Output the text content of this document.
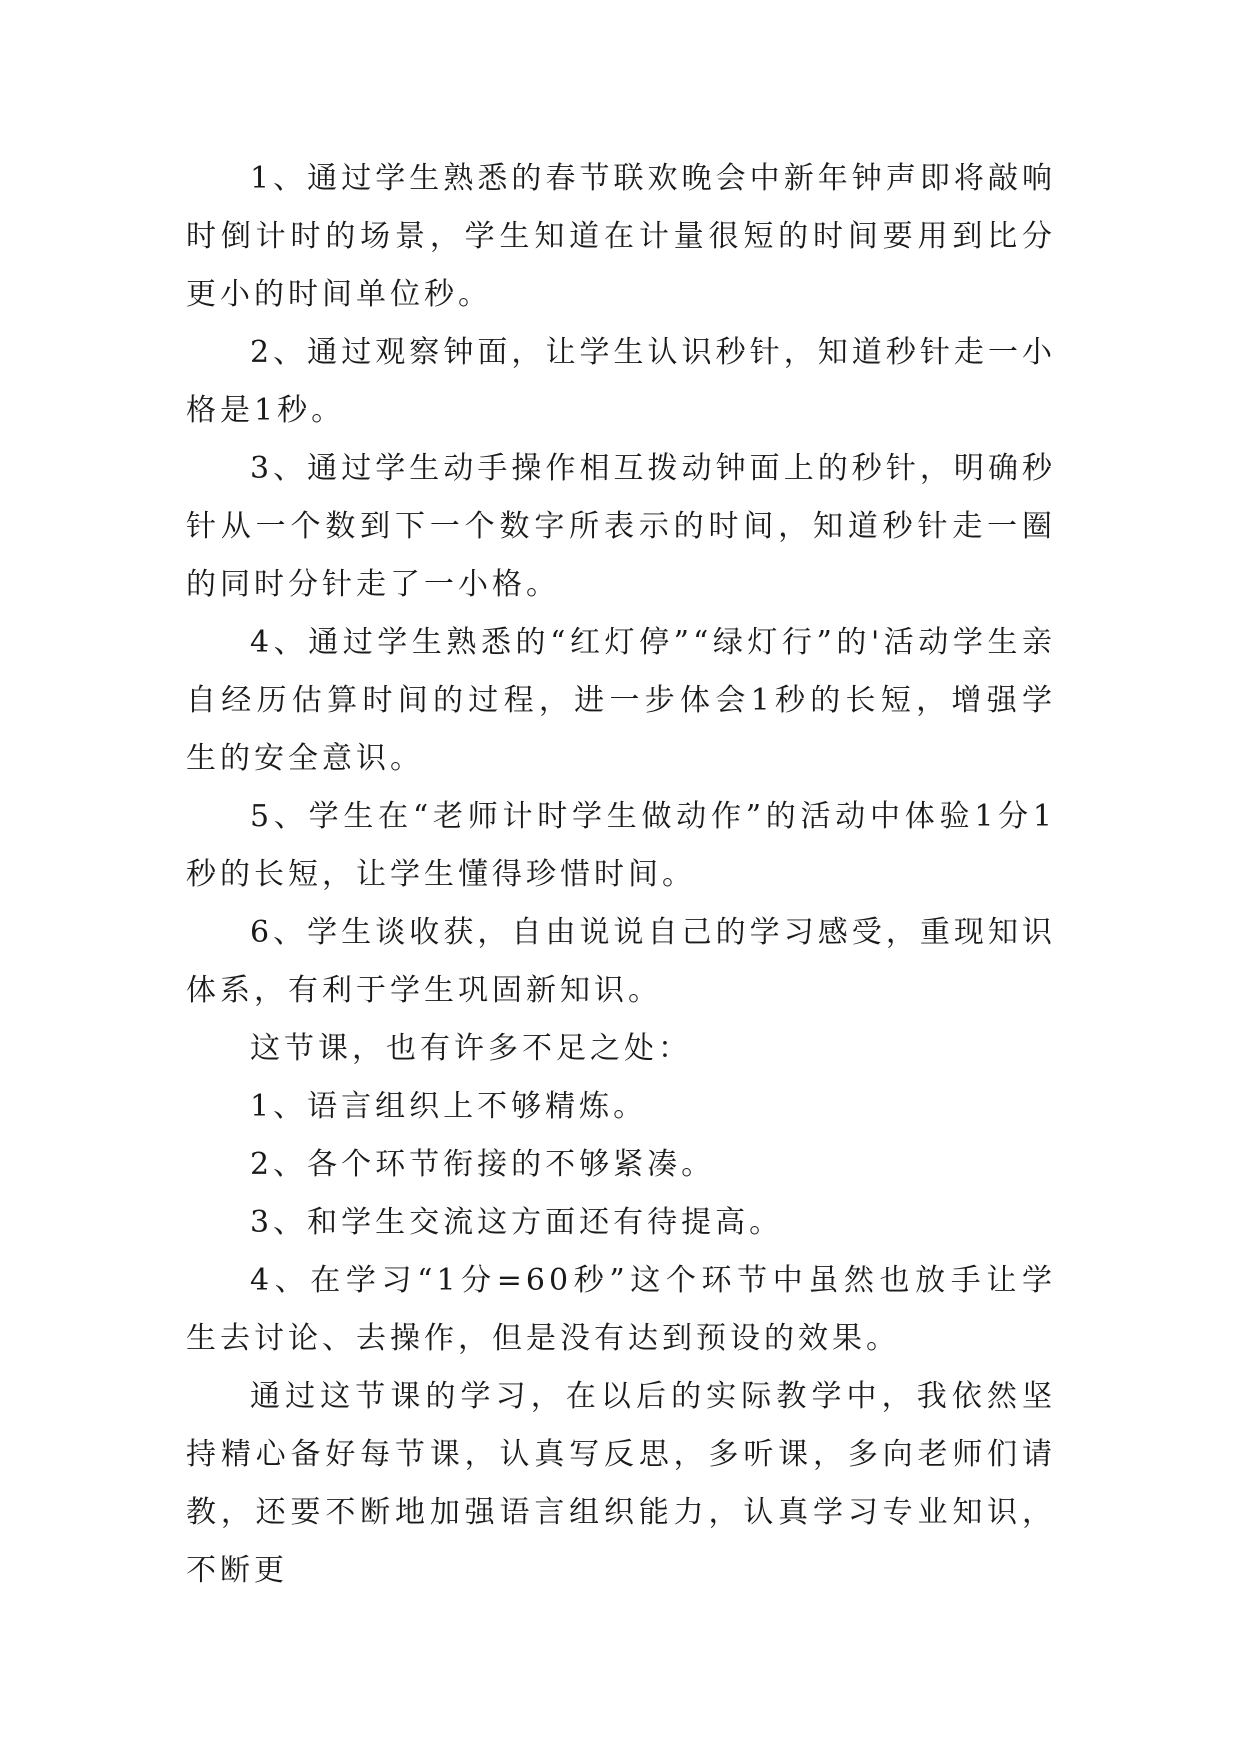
1、通过学生熟悉的春节联欢晚会中新年钟声即将敲响时倒计时的场景，学生知道在计量很短的时间要用到比分更小的时间单位秒。

2、通过观察钟面，让学生认识秒针，知道秒针走一小格是1秒。

3、通过学生动手操作相互拨动钟面上的秒针，明确秒针从一个数到下一个数字所表示的时间，知道秒针走一圈的同时分针走了一小格。

4、通过学生熟悉的“红灯停”“绿灯行”的'活动学生亲自经历估算时间的过程，进一步体会1秒的长短，增强学生的安全意识。

5、学生在“老师计时学生做动作”的活动中体验1分1秒的长短，让学生懂得珍惜时间。

6、学生谈收获，自由说说自己的学习感受，重现知识体系，有利于学生巩固新知识。

这节课，也有许多不足之处：

1、语言组织上不够精炼。

2、各个环节衔接的不够紧凑。

3、和学生交流这方面还有待提高。

4、在学习“1分=60秒”这个环节中虽然也放手让学生去讨论、去操作，但是没有达到预设的效果。

通过这节课的学习，在以后的实际教学中，我依然坚持精心备好每节课，认真写反思，多听课，多向老师们请教，还要不断地加强语言组织能力，认真学习专业知识，不断更
